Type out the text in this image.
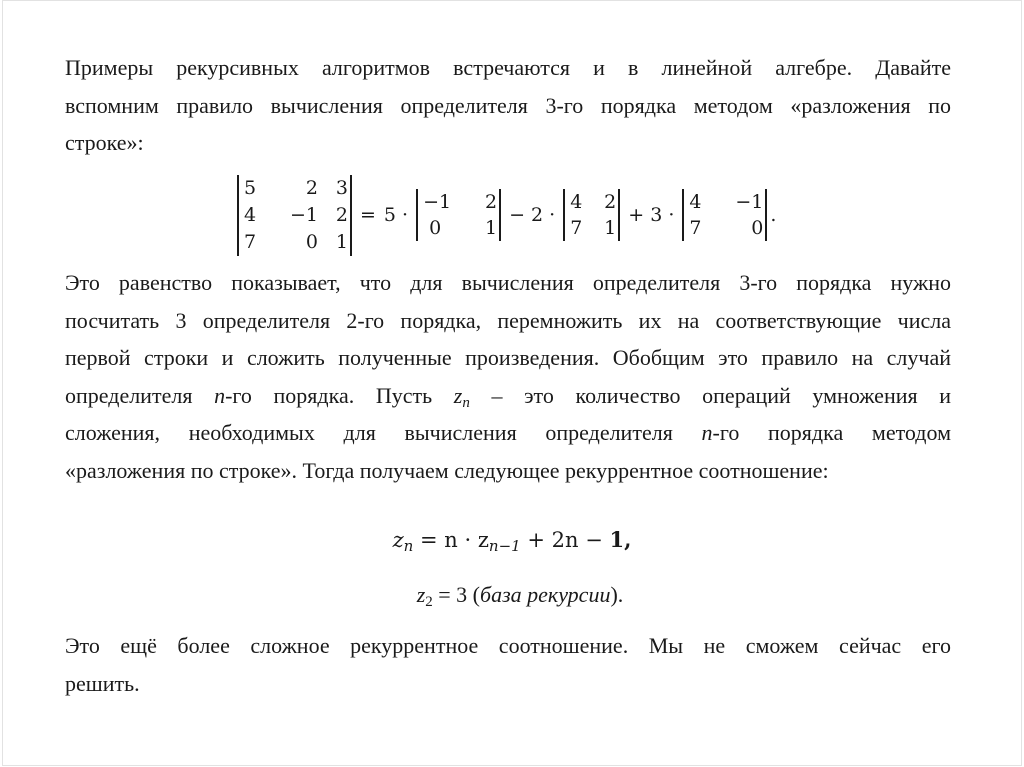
Примеры рекурсивных алгоритмов встречаются и в линейной алгебре. Давайте
вспомним правило вычисления определителя 3-го порядка методом «разложения по
строке»:
5	2 3
4	−1 2
7	0 1
= 5 ·
−1	2
0	1
− 2 ·
4	2
7	1
+ 3 ·
4	−1
7	0
.
Это равенство показывает, что для вычисления определителя 3-го порядка нужно
посчитать 3 определителя 2-го порядка, перемножить их на соответствующие числа
первой строки и сложить полученные произведения. Обобщим это правило на случай
определителя n-го порядка. Пусть $z_n$ – это количество операций умножения и
сложения, необходимых для вычисления определителя n-го порядка методом
«разложения по строке». Тогда получаем следующее рекуррентное соотношение:
$z_n = n \cdot z_{n-1} + 2n - 1$,
$z_2 = 3$ (база рекурсии).
Это ещё более сложное рекуррентное соотношение. Мы не сможем сейчас его
решить.
